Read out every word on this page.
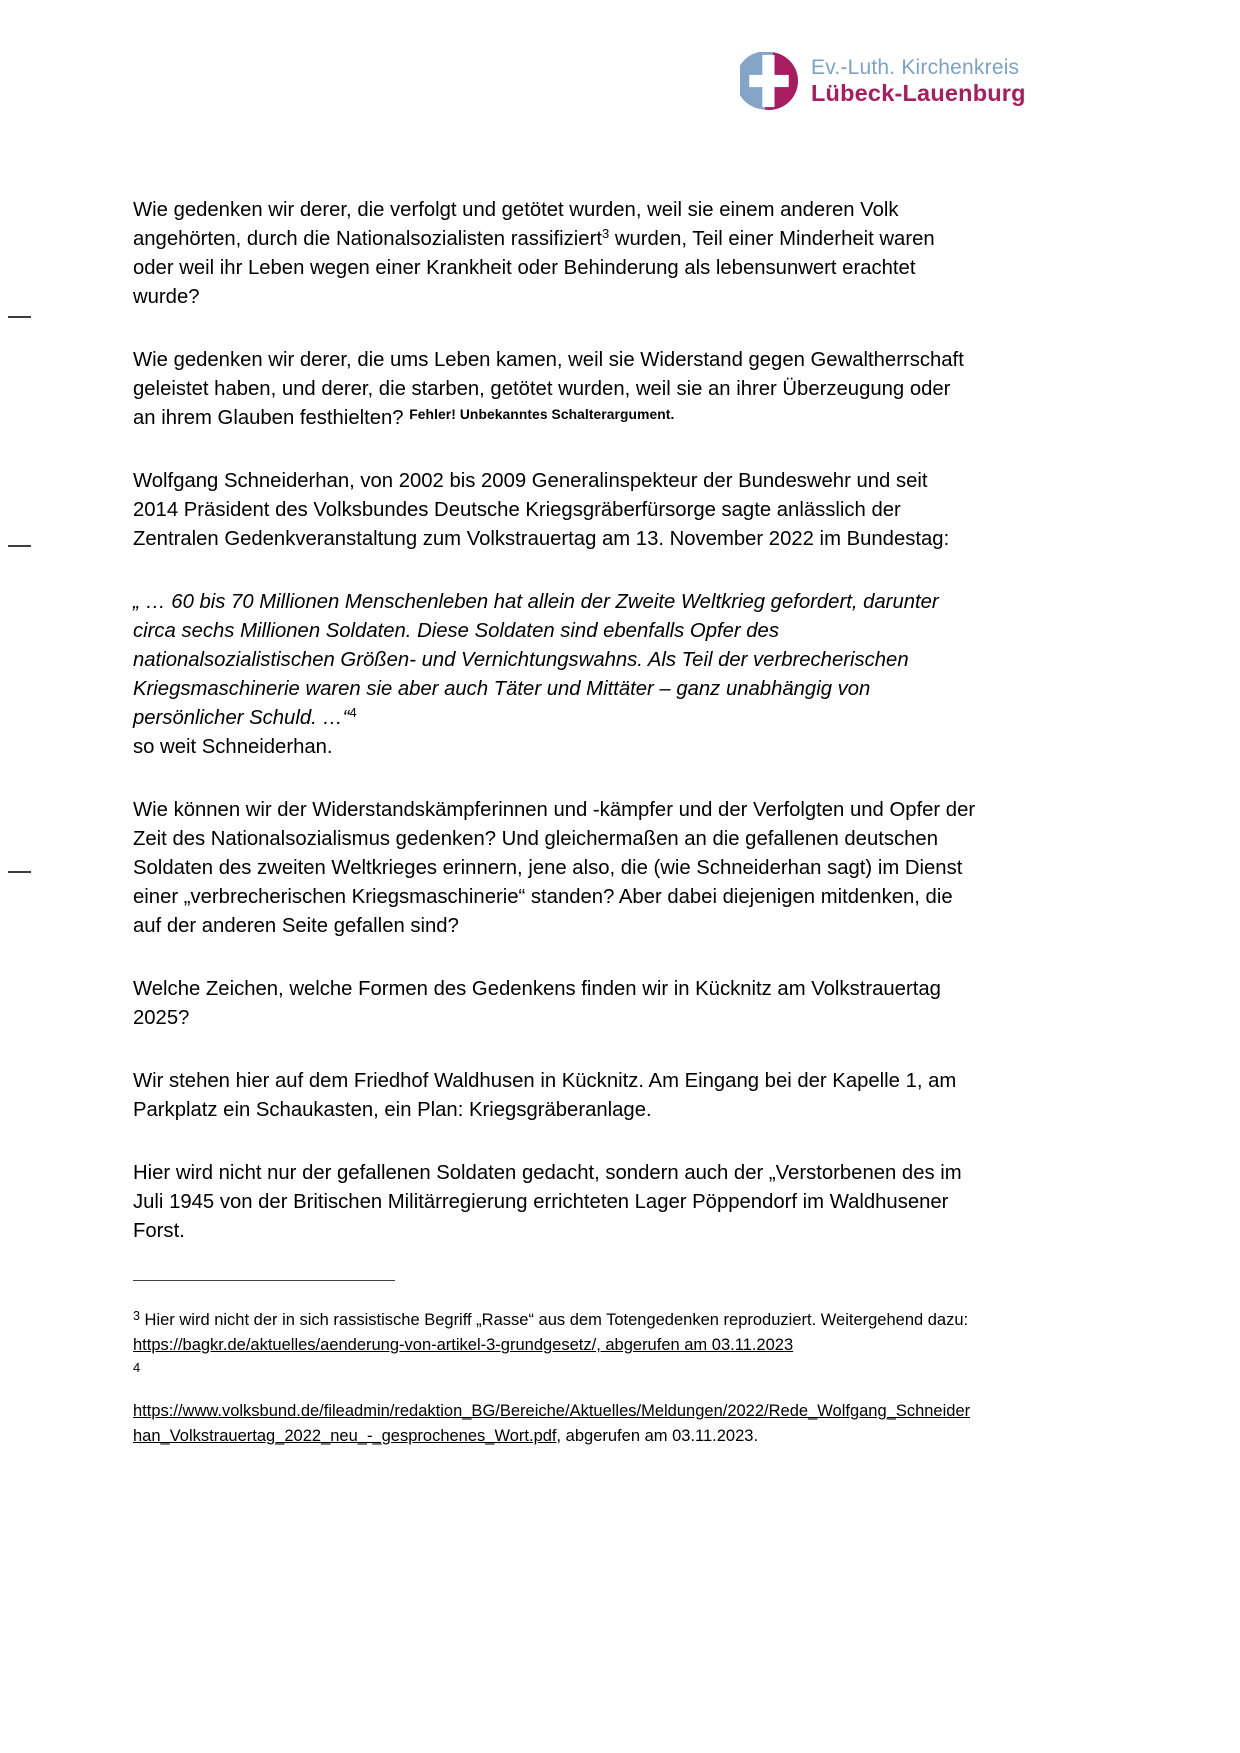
Ev.-Luth. Kirchenkreis
Lübeck-Lauenburg

Wie gedenken wir derer, die verfolgt und getötet wurden, weil sie einem anderen Volk angehörten, durch die Nationalsozialisten rassifiziert$^3$ wurden, Teil einer Minderheit waren oder weil ihr Leben wegen einer Krankheit oder Behinderung als lebensunwert erachtet wurde?

Wie gedenken wir derer, die ums Leben kamen, weil sie Widerstand gegen Gewaltherrschaft geleistet haben, und derer, die starben, getötet wurden, weil sie an ihrer Überzeugung oder an ihrem Glauben festhielten? $^{Fehler! Unbekanntes Schalterargument.}$

Wolfgang Schneiderhan, von 2002 bis 2009 Generalinspekteur der Bundeswehr und seit 2014 Präsident des Volksbundes Deutsche Kriegsgräberfürsorge sagte anlässlich der Zentralen Gedenkveranstaltung zum Volkstrauertag am 13. November 2022 im Bundestag:

„ … 60 bis 70 Millionen Menschenleben hat allein der Zweite Weltkrieg gefordert, darunter circa sechs Millionen Soldaten. Diese Soldaten sind ebenfalls Opfer des nationalsozialistischen Größen- und Vernichtungswahns. Als Teil der verbrecherischen Kriegsmaschinerie waren sie aber auch Täter und Mittäter – ganz unabhängig von persönlicher Schuld. …“$^4$
so weit Schneiderhan.

Wie können wir der Widerstandskämpferinnen und -kämpfer und der Verfolgten und Opfer der Zeit des Nationalsozialismus gedenken? Und gleichermaßen an die gefallenen deutschen Soldaten des zweiten Weltkrieges erinnern, jene also, die (wie Schneiderhan sagt) im Dienst einer „verbrecherischen Kriegsmaschinerie“ standen? Aber dabei diejenigen mitdenken, die auf der anderen Seite gefallen sind?

Welche Zeichen, welche Formen des Gedenkens finden wir in Kücknitz am Volkstrauertag 2025?

Wir stehen hier auf dem Friedhof Waldhusen in Kücknitz. Am Eingang bei der Kapelle 1, am Parkplatz ein Schaukasten, ein Plan: Kriegsgräberanlage.

Hier wird nicht nur der gefallenen Soldaten gedacht, sondern auch der „Verstorbenen des im Juli 1945 von der Britischen Militärregierung errichteten Lager Pöppendorf im Waldhusener Forst.

$^3$ Hier wird nicht der in sich rassistische Begriff „Rasse“ aus dem Totengedenken reproduziert. Weitergehend dazu: https://bagkr.de/aktuelles/aenderung-von-artikel-3-grundgesetz/, abgerufen am 03.11.2023
4
https://www.volksbund.de/fileadmin/redaktion_BG/Bereiche/Aktuelles/Meldungen/2022/Rede_Wolfgang_Schneiderhan_Volkstrauertag_2022_neu_-_gesprochenes_Wort.pdf, abgerufen am 03.11.2023.
